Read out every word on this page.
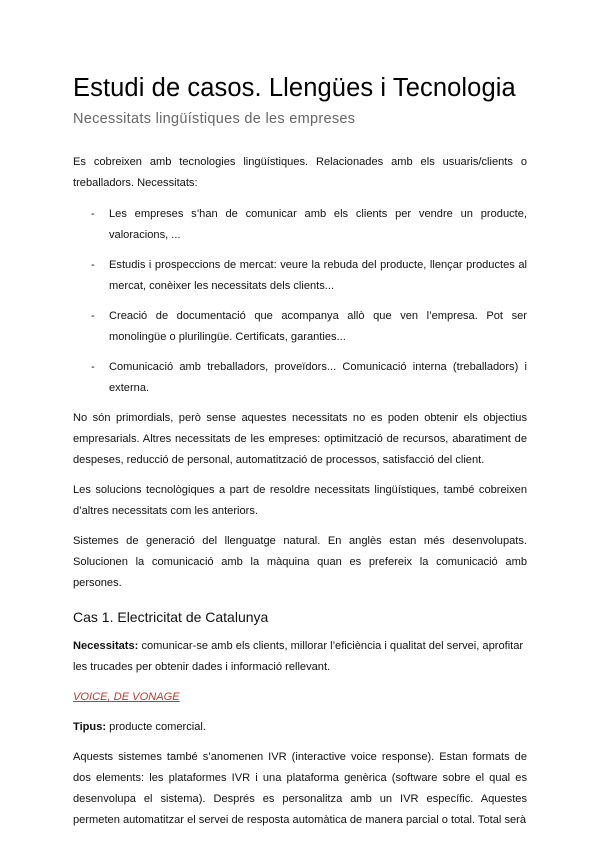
Estudi de casos. Llengües i Tecnologia
Necessitats lingüístiques de les empreses

Es cobreixen amb tecnologies lingüístiques. Relacionades amb els usuaris/clients o treballadors. Necessitats:

- Les empreses s’han de comunicar amb els clients per vendre un producte, valoracions, ...
- Estudis i prospeccions de mercat: veure la rebuda del producte, llençar productes al mercat, conèixer les necessitats dels clients...
- Creació de documentació que acompanya allò que ven l’empresa. Pot ser monolingüe o plurilingüe. Certificats, garanties...
- Comunicació amb treballadors, proveïdors... Comunicació interna (treballadors) i externa.

No són primordials, però sense aquestes necessitats no es poden obtenir els objectius empresarials. Altres necessitats de les empreses: optimització de recursos, abaratiment de despeses, reducció de personal, automatització de processos, satisfacció del client.

Les solucions tecnològiques a part de resoldre necessitats lingüístiques, també cobreixen d’altres necessitats com les anteriors.

Sistemes de generació del llenguatge natural. En anglès estan més desenvolupats. Solucionen la comunicació amb la màquina quan es prefereix la comunicació amb persones.

Cas 1. Electricitat de Catalunya

Necessitats: comunicar-se amb els clients, millorar l’eficiència i qualitat del servei, aprofitar les trucades per obtenir dades i informació rellevant.

VOICE, DE VONAGE

Tipus: producte comercial.

Aquests sistemes també s’anomenen IVR (interactive voice response). Estan formats de dos elements: les plataformes IVR i una plataforma genèrica (software sobre el qual es desenvolupa el sistema). Després es personalitza amb un IVR específic. Aquestes permeten automatitzar el servei de resposta automàtica de manera parcial o total. Total serà
